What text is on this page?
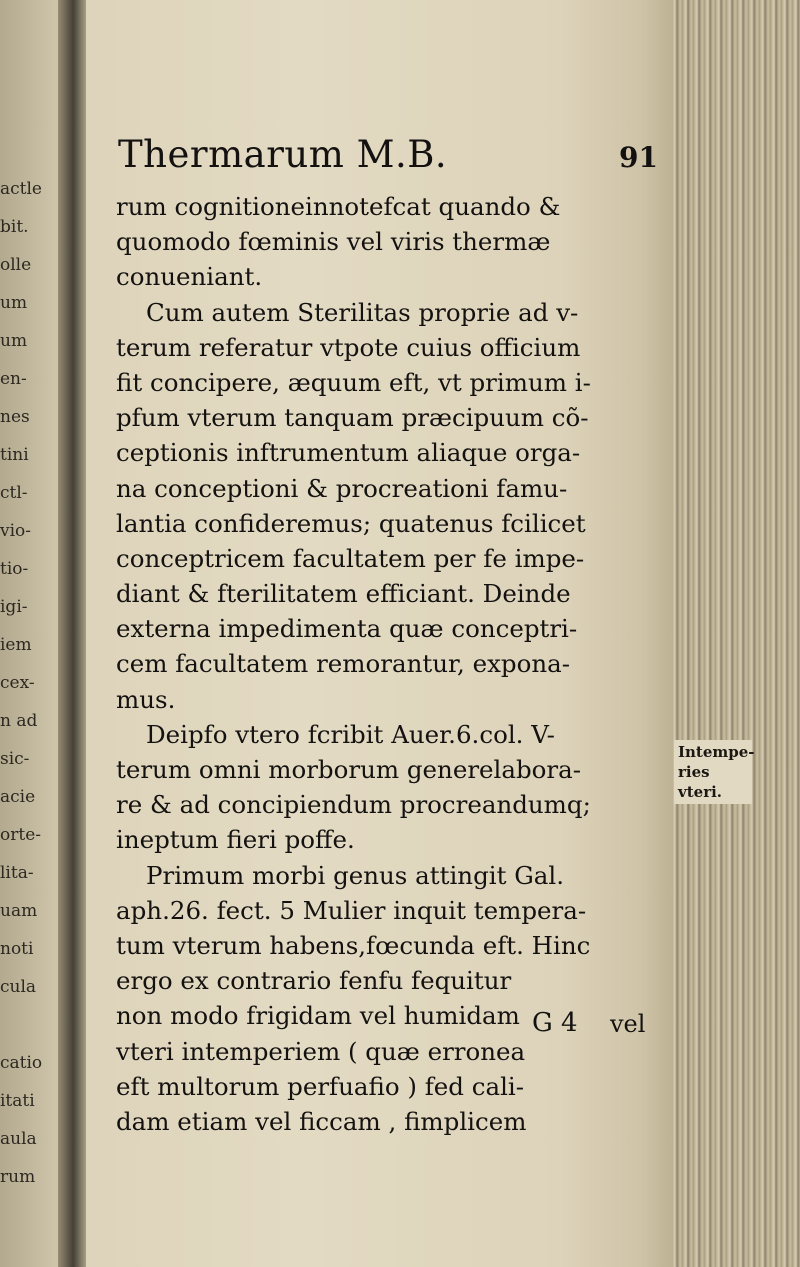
actle
bit.
olle
um
um
en-
nes
tini
ctl-
vio-
tio-
igi-
iem
cex-
n ad
sic-
acie
orte-
lita-
uam
noti
cula
catio
itati
aula
rum
Thermarum M.B.	91
rum cognitioneinnotefcat quando &
quomodo fœminis vel viris thermæ
conueniant.
Cum autem Sterilitas proprie ad v-
terum referatur vtpote cuius officium
fit concipere, æquum eft, vt primum i-
pfum vterum tanquam præcipuum cõ-
ceptionis inftrumentum aliaque orga-
na conceptioni & procreationi famu-
lantia confideremus; quatenus fcilicet
conceptricem facultatem per fe impe-
diant & fterilitatem efficiant. Deinde
externa impedimenta quæ conceptri-
cem facultatem remorantur, expona-
mus.
Deipfo vtero fcribit Auer.6.col. V-
terum omni morborum generelabora-
re & ad concipiendum procreandumq;
ineptum fieri poffe.
Primum morbi genus attingit Gal.
aph.26. fect. 5 Mulier inquit tempera-
tum vterum habens,fœcunda eft. Hinc
ergo ex contrario fenfu fequitur
non modo frigidam vel humidam
vteri intemperiem ( quæ erronea
eft multorum perfuafio ) fed cali-
dam etiam vel ficcam , fimplicem
Intempe-ries vteri.
G 4 vel
